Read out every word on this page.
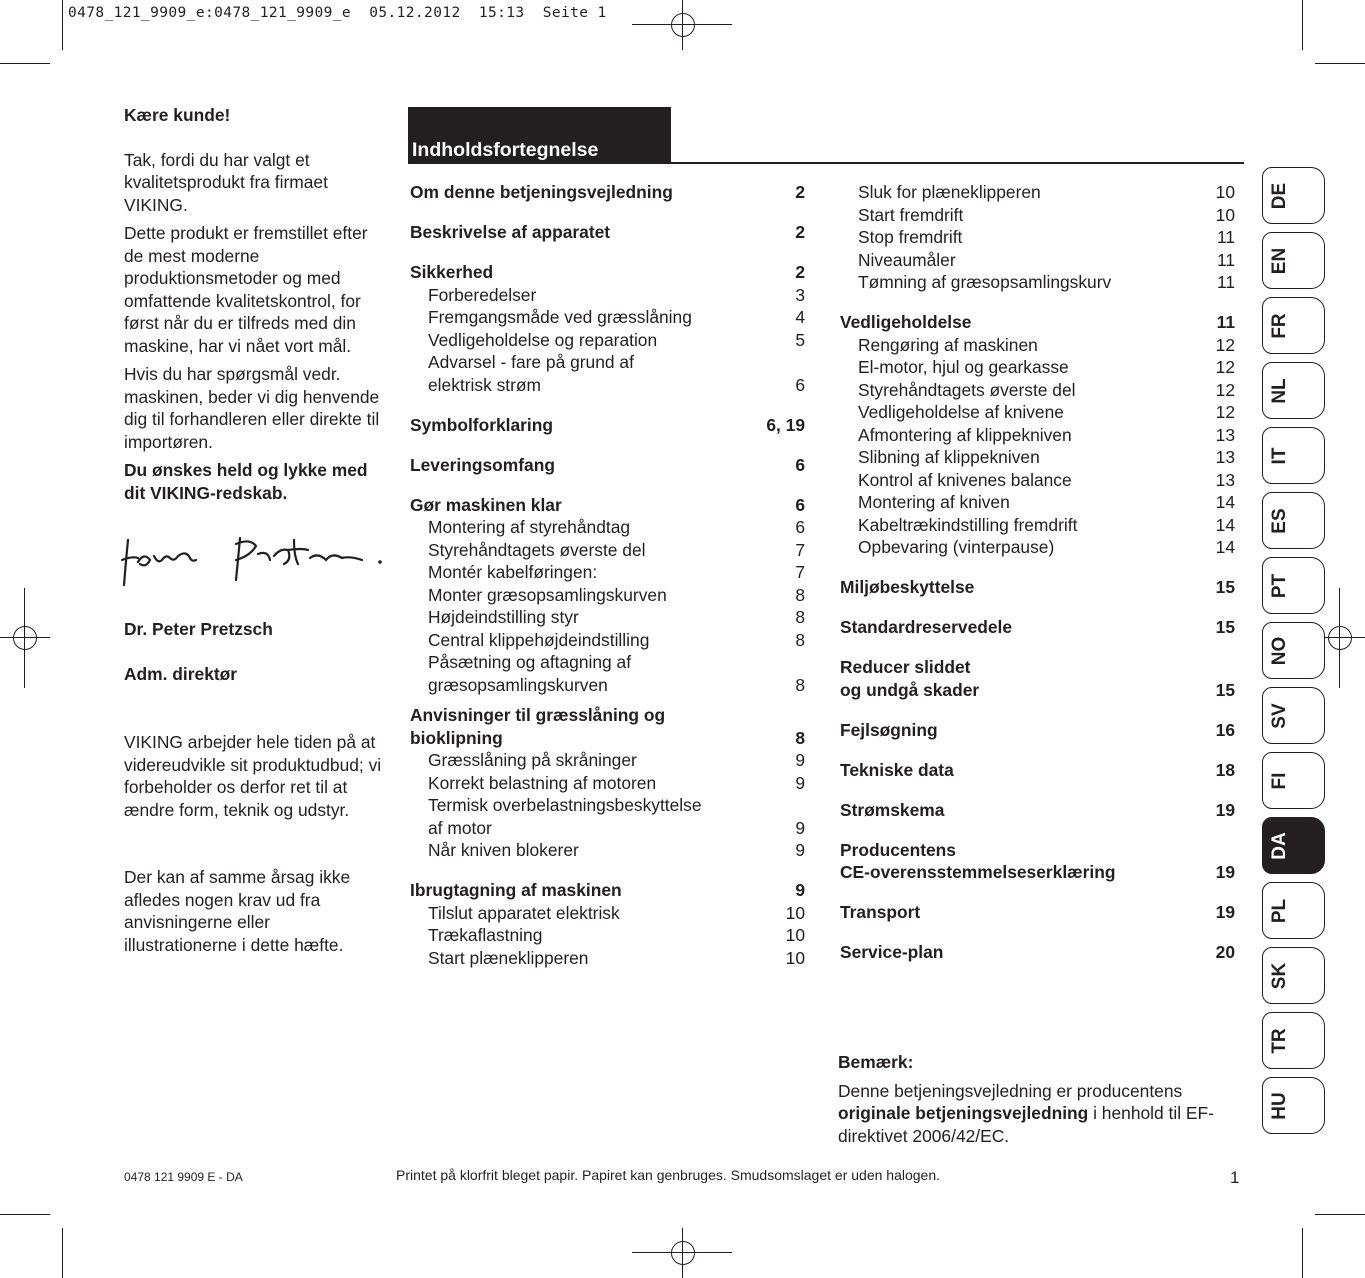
0478_121_9909_e:0478_121_9909_e  05.12.2012  15:13  Seite 1

Kære kunde!

Tak, fordi du har valgt et kvalitetsprodukt fra firmaet VIKING.

Dette produkt er fremstillet efter de mest moderne produktionsmetoder og med omfattende kvalitetskontrol, for først når du er tilfreds med din maskine, har vi nået vort mål.

Hvis du har spørgsmål vedr. maskinen, beder vi dig henvende dig til forhandleren eller direkte til importøren.

Du ønskes held og lykke med dit VIKING-redskab.

Dr. Peter Pretzsch
Adm. direktør
VIKING arbejder hele tiden på at videreudvikle sit produktudbud; vi forbeholder os derfor ret til at ændre form, teknik og udstyr.
Der kan af samme årsag ikke afledes nogen krav ud fra anvisningerne eller illustrationerne i dette hæfte.
Indholdsfortegnelse
Om denne betjeningsvejledning	2
Beskrivelse af apparatet	2
Sikkerhed	2
Forberedelser	3
Fremgangsmåde ved græsslåning	4
Vedligeholdelse og reparation	5
Advarsel - fare på grund af
elektrisk strøm	6
Symbolforklaring	6, 19
Leveringsomfang	6
Gør maskinen klar	6
Montering af styrehåndtag	6
Styrehåndtagets øverste del	7
Montér kabelføringen:	7
Monter græsopsamlingskurven	8
Højdeindstilling styr	8
Central klippehøjdeindstilling	8
Påsætning og aftagning af
græsopsamlingskurven	8
Anvisninger til græsslåning og
bioklipning	8
Græsslåning på skråninger	9
Korrekt belastning af motoren	9
Termisk overbelastningsbeskyttelse
af motor	9
Når kniven blokerer	9
Ibrugtagning af maskinen	9
Tilslut apparatet elektrisk	10
Trækaflastning	10
Start plæneklipperen	10
Sluk for plæneklipperen	10
Start fremdrift	10
Stop fremdrift	11
Niveaumåler	11
Tømning af græsopsamlingskurv	11
Vedligeholdelse	11
Rengøring af maskinen	12
El-motor, hjul og gearkasse	12
Styrehåndtagets øverste del	12
Vedligeholdelse af knivene	12
Afmontering af klippekniven	13
Slibning af klippekniven	13
Kontrol af knivenes balance	13
Montering af kniven	14
Kabeltrækindstilling fremdrift	14
Opbevaring (vinterpause)	14
Miljøbeskyttelse	15
Standardreservedele	15
Reducer sliddet
og undgå skader	15
Fejlsøgning	16
Tekniske data	18
Strømskema	19
Producentens
CE-overensstemmelseserklæring	19
Transport	19
Service-plan	20
Bemærk:
Denne betjeningsvejledning er producentens originale betjeningsvejledning i henhold til EF-direktivet 2006/42/EC.
0478 121 9909 E - DA	Printet på klorfrit bleget papir. Papiret kan genbruges. Smudsomslaget er uden halogen.	1
DE
EN
FR
NL
IT
ES
PT
NO
SV
FI
DA
PL
SK
TR
HU
